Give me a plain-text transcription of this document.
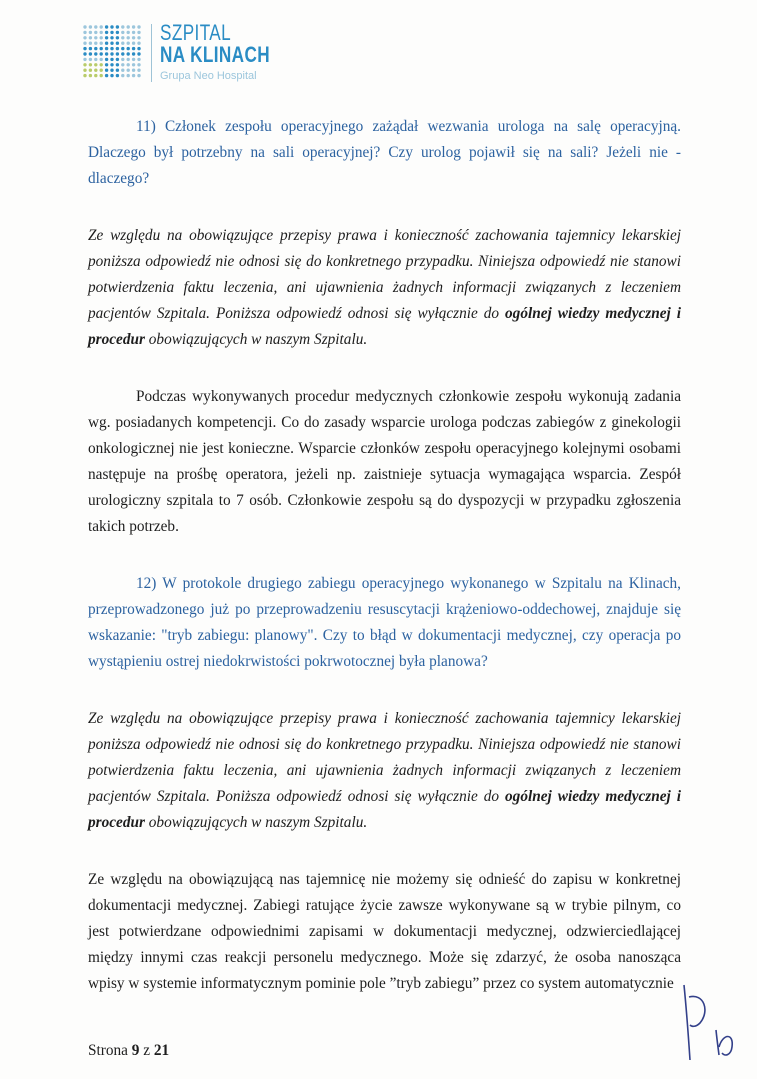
SZPITAL
NA KLINACH
Grupa Neo Hospital

11) Członek zespołu operacyjnego zażądał wezwania urologa na salę operacyjną. Dlaczego był potrzebny na sali operacyjnej? Czy urolog pojawił się na sali? Jeżeli nie - dlaczego?

Ze względu na obowiązujące przepisy prawa i konieczność zachowania tajemnicy lekarskiej poniższa odpowiedź nie odnosi się do konkretnego przypadku. Niniejsza odpowiedź nie stanowi potwierdzenia faktu leczenia, ani ujawnienia żadnych informacji związanych z leczeniem pacjentów Szpitala. Poniższa odpowiedź odnosi się wyłącznie do ogólnej wiedzy medycznej i procedur obowiązujących w naszym Szpitalu.

Podczas wykonywanych procedur medycznych członkowie zespołu wykonują zadania wg. posiadanych kompetencji. Co do zasady wsparcie urologa podczas zabiegów z ginekologii onkologicznej nie jest konieczne. Wsparcie członków zespołu operacyjnego kolejnymi osobami następuje na prośbę operatora, jeżeli np. zaistnieje sytuacja wymagająca wsparcia. Zespół urologiczny szpitala to 7 osób. Członkowie zespołu są do dyspozycji w przypadku zgłoszenia takich potrzeb.

12) W protokole drugiego zabiegu operacyjnego wykonanego w Szpitalu na Klinach, przeprowadzonego już po przeprowadzeniu resuscytacji krążeniowo-oddechowej, znajduje się wskazanie: "tryb zabiegu: planowy". Czy to błąd w dokumentacji medycznej, czy operacja po wystąpieniu ostrej niedokrwistości pokrwotocznej była planowa?

Ze względu na obowiązujące przepisy prawa i konieczność zachowania tajemnicy lekarskiej poniższa odpowiedź nie odnosi się do konkretnego przypadku. Niniejsza odpowiedź nie stanowi potwierdzenia faktu leczenia, ani ujawnienia żadnych informacji związanych z leczeniem pacjentów Szpitala. Poniższa odpowiedź odnosi się wyłącznie do ogólnej wiedzy medycznej i procedur obowiązujących w naszym Szpitalu.

Ze względu na obowiązującą nas tajemnicę nie możemy się odnieść do zapisu w konkretnej dokumentacji medycznej. Zabiegi ratujące życie zawsze wykonywane są w trybie pilnym, co jest potwierdzane odpowiednimi zapisami w dokumentacji medycznej, odzwierciedlającej między innymi czas reakcji personelu medycznego. Może się zdarzyć, że osoba nanosząca wpisy w systemie informatycznym pominie pole ”tryb zabiegu” przez co system automatycznie

Strona 9 z 21
